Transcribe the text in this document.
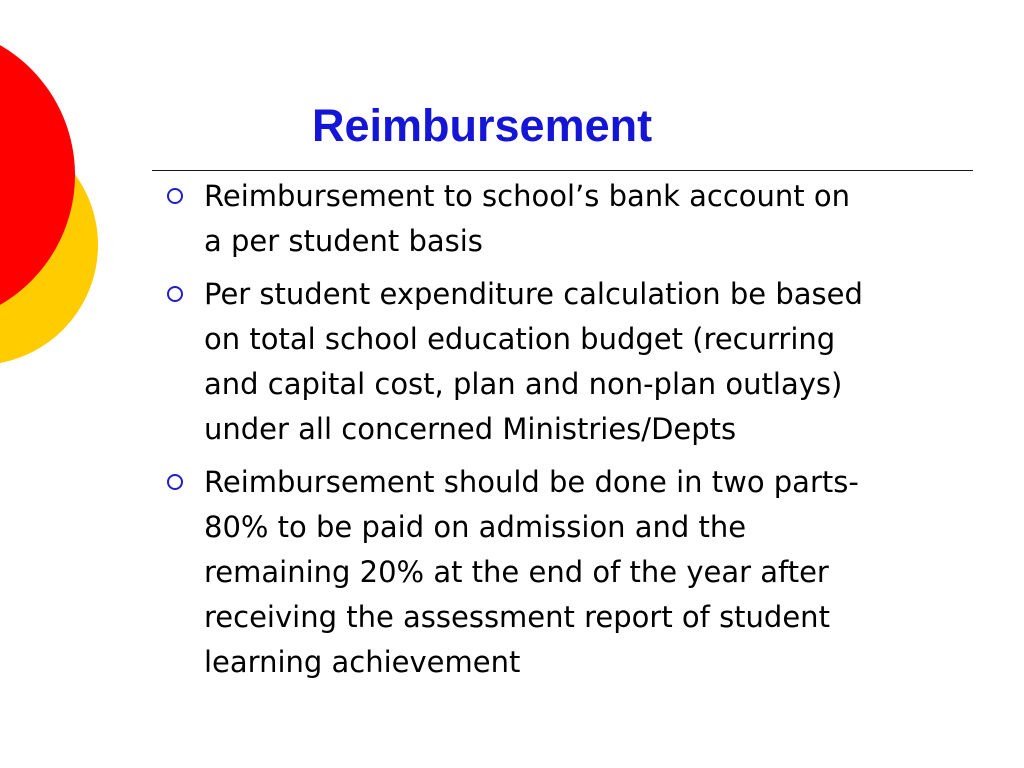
Reimbursement
Reimbursement to school’s bank account on
a per student basis
Per student expenditure calculation be based
on total school education budget (recurring
and capital cost, plan and non-plan outlays)
under all concerned Ministries/Depts
Reimbursement should be done in two parts-
80% to be paid on admission and the
remaining 20% at the end of the year after
receiving the assessment report of student
learning achievement
